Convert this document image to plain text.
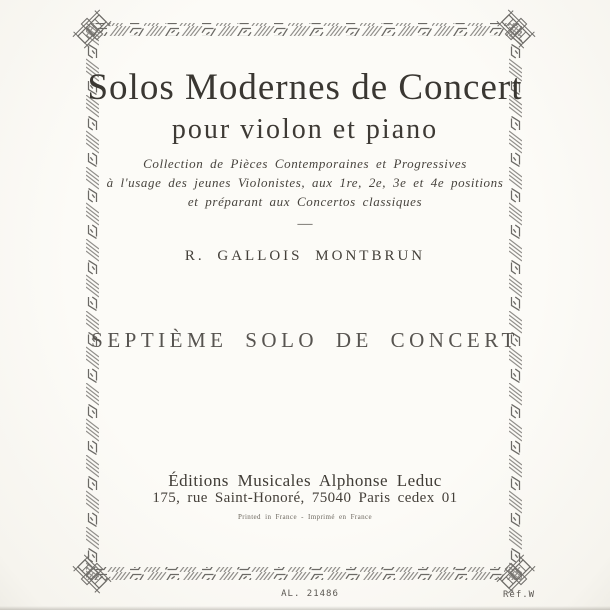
Solos Modernes de Concert
pour violon et piano
Collection de Pièces Contemporaines et Progressives
à l'usage des jeunes Violonistes, aux 1re, 2e, 3e et 4e positions
et préparant aux Concertos classiques
—
R. GALLOIS MONTBRUN
SEPTIÈME SOLO DE CONCERT
Éditions Musicales Alphonse Leduc
175, rue Saint-Honoré, 75040 Paris cedex 01
Printed in France - Imprimé en France
AL. 21486	Réf.W
